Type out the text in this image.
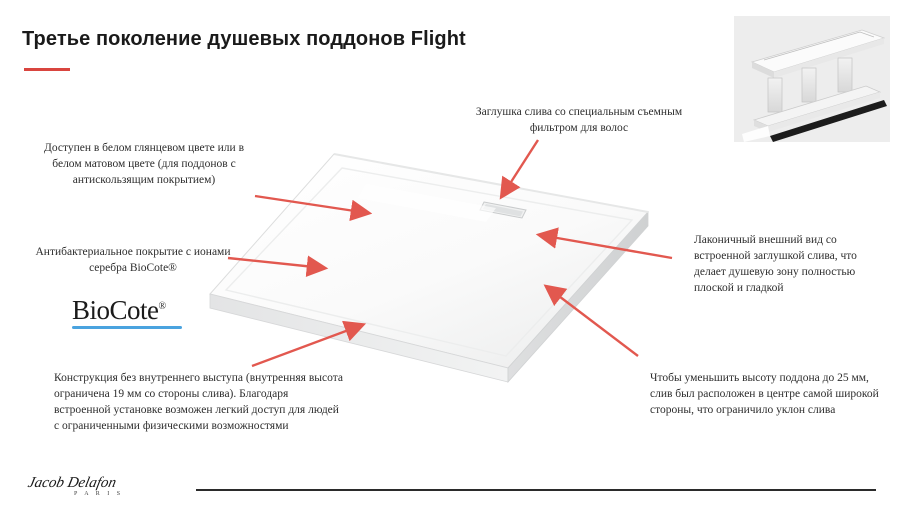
Третье поколение душевых поддонов Flight
Заглушка слива со специальным съемным фильтром для волос
Доступен в белом глянцевом цвете или в белом матовом цвете (для поддонов с антискользящим покрытием)
Антибактериальное покрытие с ионами серебра BioCote®
Лаконичный внешний вид со встроенной заглушкой слива, что делает душевую зону полностью плоской и гладкой
Чтобы уменьшить высоту поддона до 25 мм, слив был расположен в центре самой широкой стороны, что ограничило уклон слива
Конструкция без внутреннего выступа (внутренняя высота ограничена 19 мм со стороны слива). Благодаря встроенной установке возможен легкий доступ для людей с ограниченными физическими возможностями
BioCote®
Jacob Delafon
P A R I S
